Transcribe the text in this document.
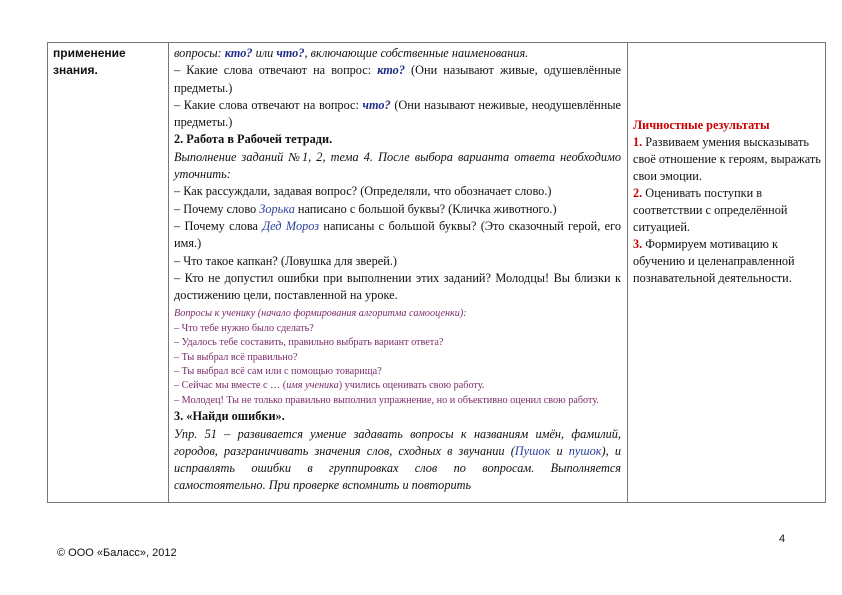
применение
знания.

вопросы: кто? или что?, включающие собственные наименования.

– Какие слова отвечают на вопрос: кто? (Они называют живые, одушевлённые предметы.)

– Какие слова отвечают на вопрос: что? (Они называют неживые, неодушевлённые предметы.)

2. Работа в Рабочей тетради.

Выполнение заданий №1, 2, тема 4. После выбора варианта ответа необходимо уточнить:

– Как рассуждали, задавая вопрос? (Определяли, что обозначает слово.)

– Почему слово Зорька написано с большой буквы? (Кличка животного.)

– Почему слова Дед Мороз написаны с большой буквы? (Это сказочный герой, его имя.)

– Что такое капкан? (Ловушка для зверей.)

– Кто не допустил ошибки при выполнении этих заданий? Молодцы! Вы близки к достижению цели, поставленной на уроке.

Вопросы к ученику (начало формирования алгоритма самооценки):

– Что тебе нужно было сделать?

– Удалось тебе составить, правильно выбрать вариант ответа?

– Ты выбрал всё правильно?

– Ты выбрал всё сам или с помощью товарища?

– Сейчас мы вместе с … (имя ученика) учились оценивать свою работу.

– Молодец! Ты не только правильно выполнил упражнение, но и объективно оценил свою работу.

3. «Найди ошибки».

Упр. 51 – развивается умение задавать вопросы к названиям имён, фамилий, городов, разграничивать значения слов, сходных в звучании (Пушок и пушок), и исправлять ошибки в группировках слов по вопросам. Выполняется самостоятельно. При проверке вспомнить и повторить

Личностные результаты

1. Развиваем умения высказывать своё отношение к героям, выражать свои эмоции.

2. Оценивать поступки в соответствии с определённой ситуацией.

3. Формируем мотивацию к обучению и целенаправленной познавательной деятельности.

4
© ООО «Баласс», 2012
